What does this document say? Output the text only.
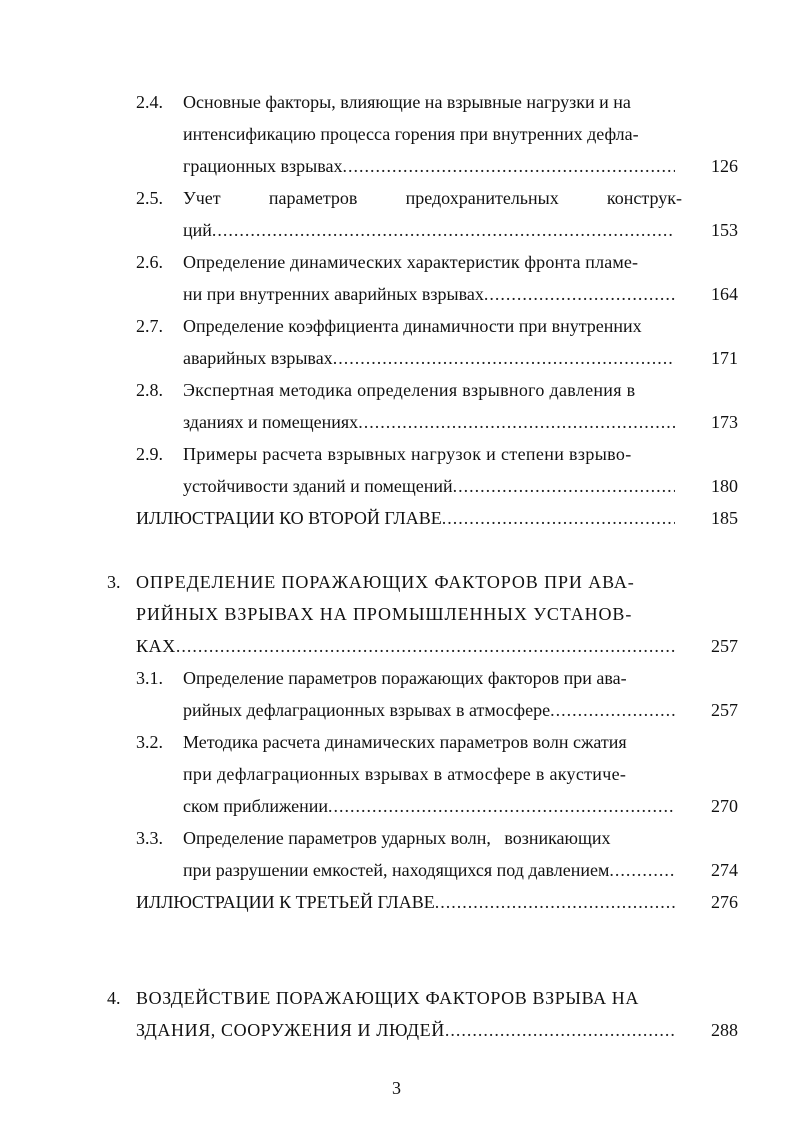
2.4. Основные факторы, влияющие на взрывные нагрузки и на
интенсификацию процесса горения при внутренних дефла-
грационных взрывах .....	126
2.5. Учет	параметров	предохранительных	конструк-
ций .....	153
2.6. Определение динамических характеристик фронта пламе-
ни при внутренних аварийных взрывах .....	164
2.7. Определение коэффициента динамичности при внутренних
аварийных взрывах .....	171
2.8. Экспертная методика определения взрывного давления в
зданиях и помещениях .....	173
2.9. Примеры расчета взрывных нагрузок и степени взрыво-
устойчивости зданий и помещений .....	180
ИЛЛЮСТРАЦИИ КО ВТОРОЙ ГЛАВЕ .....	185
3. ОПРЕДЕЛЕНИЕ ПОРАЖАЮЩИХ ФАКТОРОВ ПРИ АВА-
РИЙНЫХ ВЗРЫВАХ НА ПРОМЫШЛЕННЫХ УСТАНОВ-
КАХ .....	257
3.1. Определение параметров поражающих факторов при ава-
рийных дефлаграционных взрывах в атмосфере .....	257
3.2. Методика расчета динамических параметров волн сжатия
при дефлаграционных взрывах в атмосфере в акустиче-
ском приближении .....	270
3.3. Определение параметров ударных волн,   возникающих
при разрушении емкостей, находящихся под давлением .....	274
ИЛЛЮСТРАЦИИ К ТРЕТЬЕЙ ГЛАВЕ .....	276
4. ВОЗДЕЙСТВИЕ ПОРАЖАЮЩИХ ФАКТОРОВ ВЗРЫВА НА
ЗДАНИЯ, СООРУЖЕНИЯ И ЛЮДЕЙ .....	288
3
